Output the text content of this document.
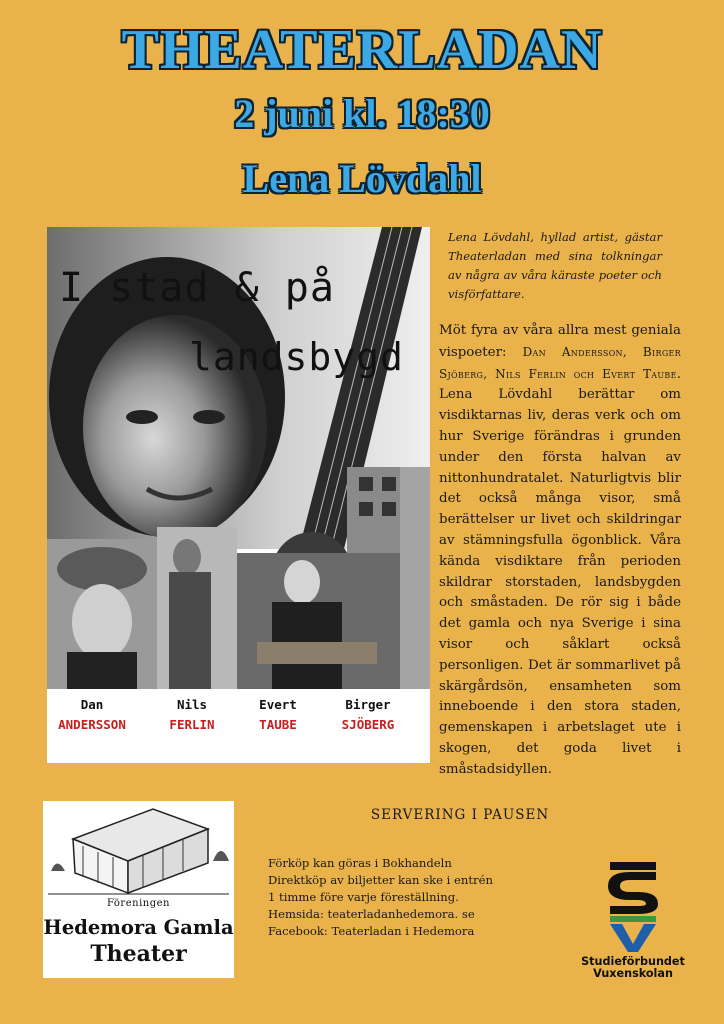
THEATERLADAN
2 juni kl. 18:30
Lena Lövdahl
I stad & på
landsbygd
Dan
ANDERSSON
Nils
FERLIN
Evert
TAUBE
Birger
SJÖBERG
Lena Lövdahl, hyllad artist, gästar Theaterladan med sina tolkningar av några av våra käraste poeter och visförfattare.
Möt fyra av våra allra mest geniala vispoeter: Dan Andersson, Birger Sjöberg, Nils Ferlin och Evert Taube. Lena Lövdahl berättar om visdiktarnas liv, deras verk och om hur Sverige förändras i grunden under den första halvan av nittonhundratalet. Naturligtvis blir det också många visor, små berättelser ur livet och skildringar av stämningsfulla ögonblick. Våra kända visdiktare från perioden skildrar storstaden, landsbygden och småstaden. De rör sig i både det gamla och nya Sverige i sina visor och såklart också personligen. Det är sommarlivet på skärgårdsön, ensamheten som inneboende i den stora staden, gemenskapen i arbetslaget ute i skogen, det goda livet i småstadsidyllen.
SERVERING I PAUSEN
Förköp kan göras i Bokhandeln
Direktköp av biljetter kan ske i entrén
1 timme före varje föreställning.
Hemsida: teaterladanhedemora. se
Facebook: Teaterladan i Hedemora
Föreningen
Hedemora Gamla
Theater	Studieförbundet
Vuxenskolan
